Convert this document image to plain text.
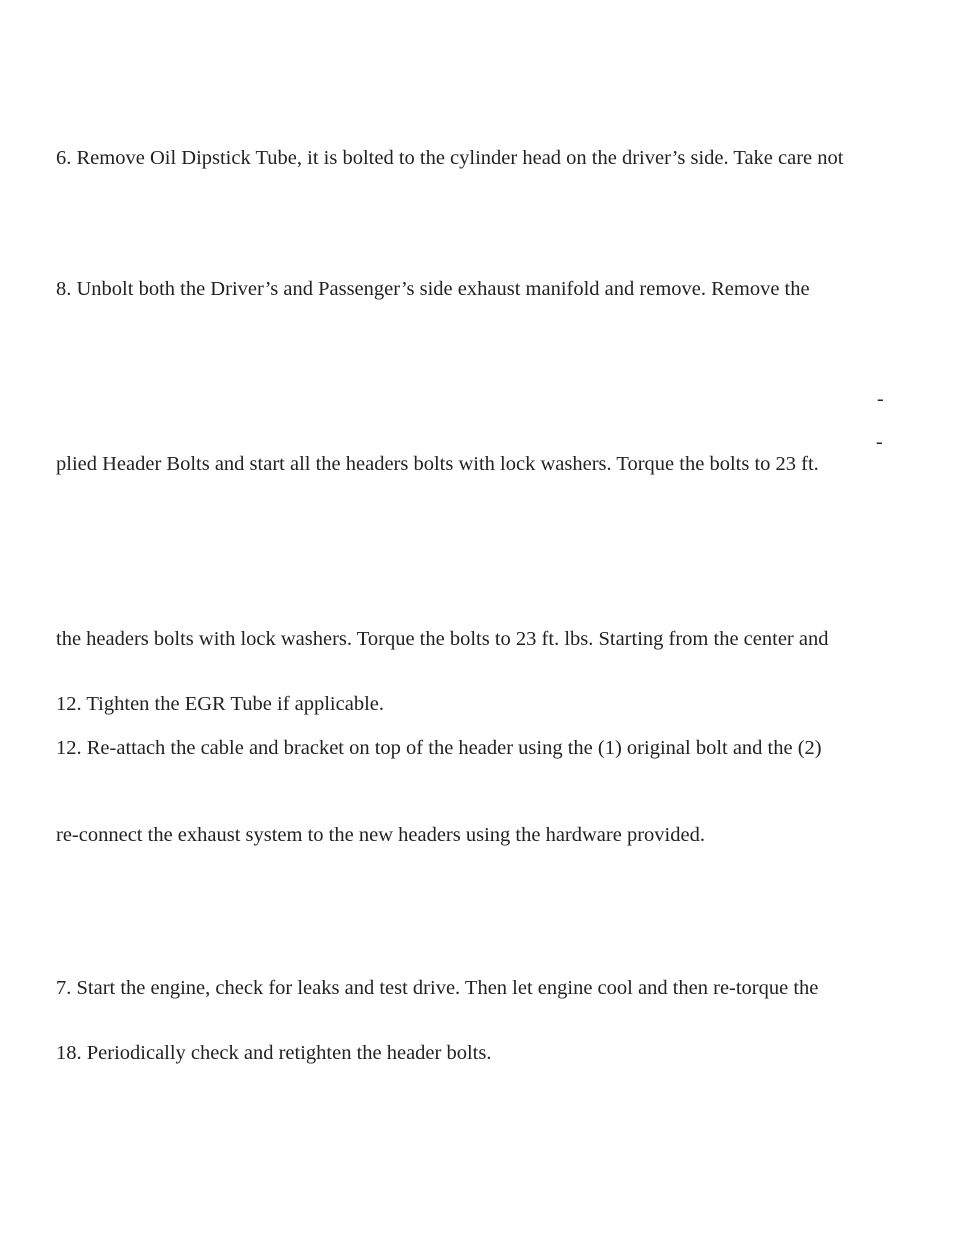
6. Remove Oil Dipstick Tube, it is bolted to the cylinder head on the driver’s side. Take care not

8. Unbolt both the Driver’s and Passenger’s side exhaust manifold and remove. Remove the

-
-

plied Header Bolts and start all the headers bolts with lock washers. Torque the bolts to 23 ft.

the headers bolts with lock washers. Torque the bolts to 23 ft. lbs. Starting from the center and

12. Tighten the EGR Tube if applicable.

12. Re-attach the cable and bracket on top of the header using the (1) original bolt and the (2)

re-connect the exhaust system to the new headers using the hardware provided.

7. Start the engine, check for leaks and test drive. Then let engine cool and then re-torque the

18. Periodically check and retighten the header bolts.
